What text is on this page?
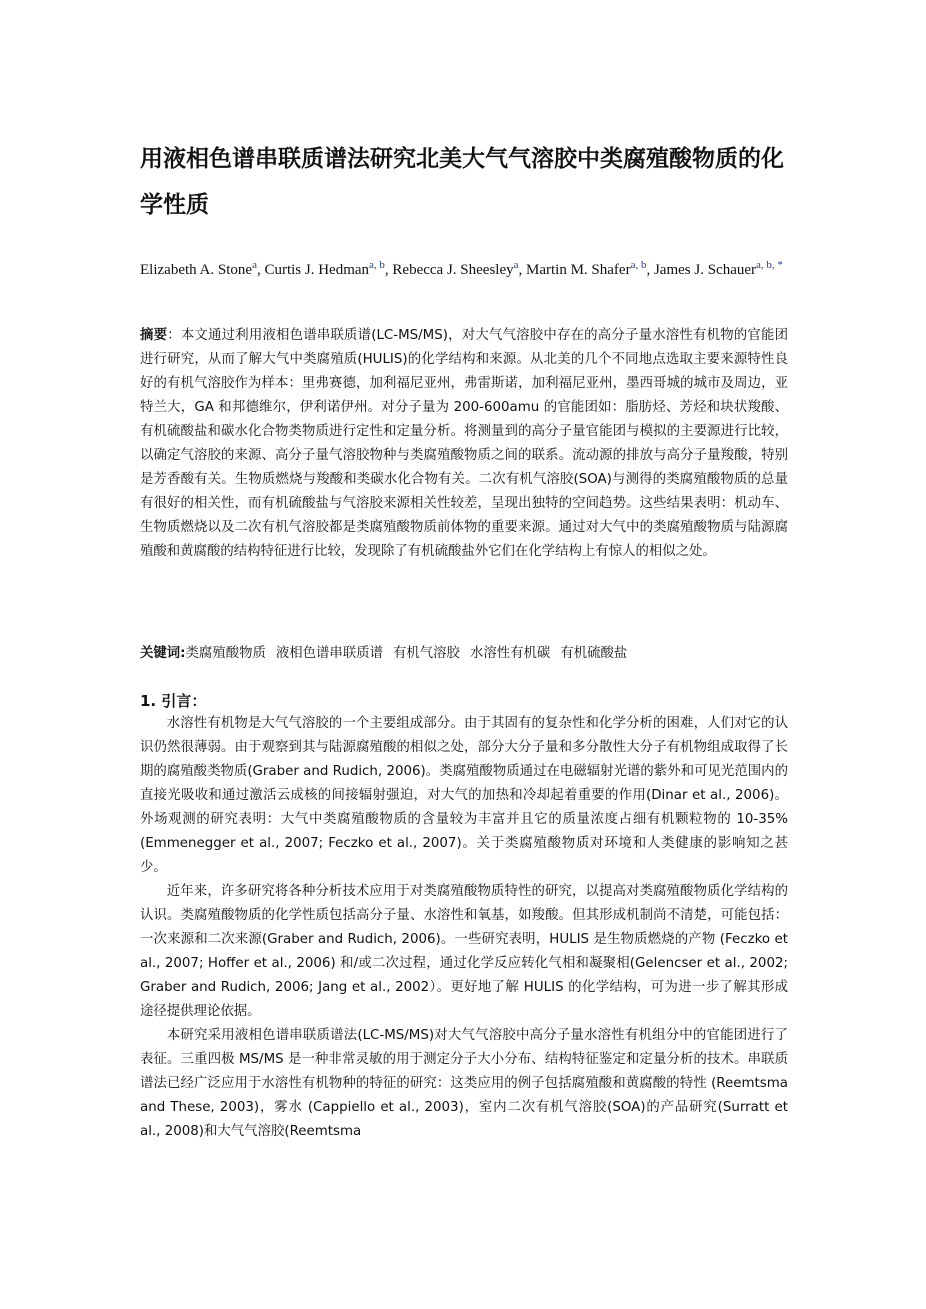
用液相色谱串联质谱法研究北美大气气溶胶中类腐殖酸物质的化学性质
Elizabeth A. Stone$^a$, Curtis J. Hedman$^{a, b}$, Rebecca J. Sheesley$^a$, Martin M. Shafer$^{a, b}$, James J. Schauer$^{a, b, *}$
摘要：本文通过利用液相色谱串联质谱(LC-MS/MS)，对大气气溶胶中存在的高分子量水溶性有机物的官能团进行研究，从而了解大气中类腐殖质(HULIS)的化学结构和来源。从北美的几个不同地点选取主要来源特性良好的有机气溶胶作为样本：里弗赛德，加利福尼亚州，弗雷斯诺，加利福尼亚州，墨西哥城的城市及周边，亚特兰大，GA 和邦德维尔，伊利诺伊州。对分子量为 200-600amu 的官能团如：脂肪烃、芳烃和块状羧酸、有机硫酸盐和碳水化合物类物质进行定性和定量分析。将测量到的高分子量官能团与模拟的主要源进行比较，以确定气溶胶的来源、高分子量气溶胶物种与类腐殖酸物质之间的联系。流动源的排放与高分子量羧酸，特别是芳香酸有关。生物质燃烧与羧酸和类碳水化合物有关。二次有机气溶胶(SOA)与测得的类腐殖酸物质的总量有很好的相关性，而有机硫酸盐与气溶胶来源相关性较差，呈现出独特的空间趋势。这些结果表明：机动车、生物质燃烧以及二次有机气溶胶都是类腐殖酸物质前体物的重要来源。通过对大气中的类腐殖酸物质与陆源腐殖酸和黄腐酸的结构特征进行比较，发现除了有机硫酸盐外它们在化学结构上有惊人的相似之处。
关键词:类腐殖酸物质 液相色谱串联质谱 有机气溶胶 水溶性有机碳 有机硫酸盐
1. 引言：

水溶性有机物是大气气溶胶的一个主要组成部分。由于其固有的复杂性和化学分析的困难，人们对它的认识仍然很薄弱。由于观察到其与陆源腐殖酸的相似之处，部分大分子量和多分散性大分子有机物组成取得了长期的腐殖酸类物质(Graber and Rudich, 2006)。类腐殖酸物质通过在电磁辐射光谱的紫外和可见光范围内的直接光吸收和通过激活云成核的间接辐射强迫，对大气的加热和冷却起着重要的作用(Dinar et al., 2006)。外场观测的研究表明：大气中类腐殖酸物质的含量较为丰富并且它的质量浓度占细有机颗粒物的 10-35%(Emmenegger et al., 2007; Feczko et al., 2007)。关于类腐殖酸物质对环境和人类健康的影响知之甚少。

近年来，许多研究将各种分析技术应用于对类腐殖酸物质特性的研究，以提高对类腐殖酸物质化学结构的认识。类腐殖酸物质的化学性质包括高分子量、水溶性和氧基，如羧酸。但其形成机制尚不清楚，可能包括：一次来源和二次来源(Graber and Rudich, 2006)。一些研究表明，HULIS 是生物质燃烧的产物 (Feczko et al., 2007; Hoffer et al., 2006) 和/或二次过程，通过化学反应转化气相和凝聚相(Gelencser et al., 2002; Graber and Rudich, 2006; Jang et al., 2002）。更好地了解 HULIS 的化学结构，可为进一步了解其形成途径提供理论依据。

本研究采用液相色谱串联质谱法(LC-MS/MS)对大气气溶胶中高分子量水溶性有机组分中的官能团进行了表征。三重四极 MS/MS 是一种非常灵敏的用于测定分子大小分布、结构特征鉴定和定量分析的技术。串联质谱法已经广泛应用于水溶性有机物种的特征的研究：这类应用的例子包括腐殖酸和黄腐酸的特性 (Reemtsma and These, 2003)，雾水 (Cappiello et al., 2003)，室内二次有机气溶胶(SOA)的产品研究(Surratt et al., 2008)和大气气溶胶(Reemtsma
